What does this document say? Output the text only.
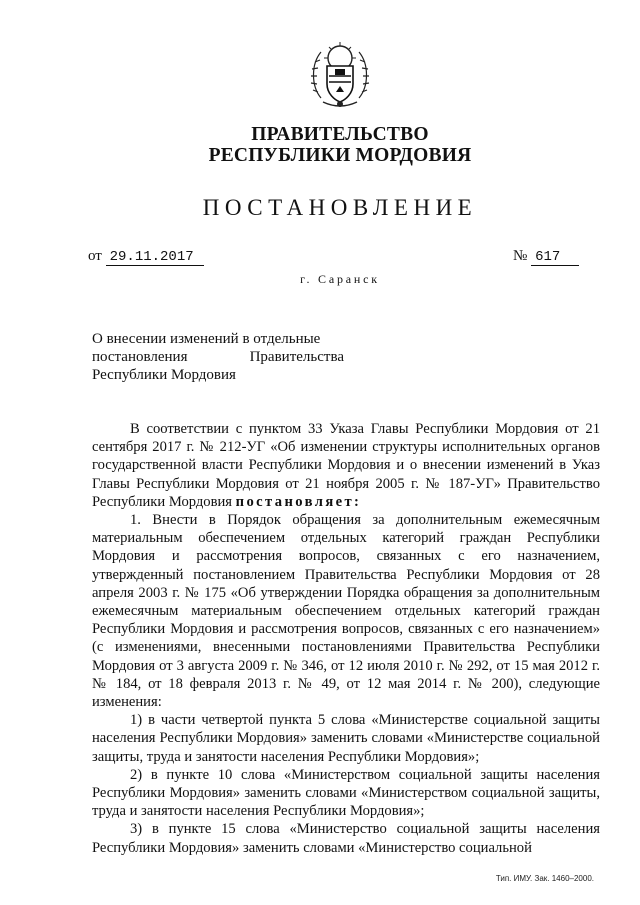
ПРАВИТЕЛЬСТВО
РЕСПУБЛИКИ МОРДОВИЯ
ПОСТАНОВЛЕНИЕ
от 29.11.2017	№ 617
г. Саранск
О внесении изменений в отдельные
постановления	Правительства
Республики Мордовия

В соответствии с пунктом 33 Указа Главы Республики Мордовия от 21 сентября 2017 г. № 212-УГ «Об изменении структуры исполнительных органов государственной власти Республики Мордовия и о внесении изменений в Указ Главы Республики Мордовия от 21 ноября 2005 г. № 187-УГ» Правительство Республики Мордовия постановляет:

1. Внести в Порядок обращения за дополнительным ежемесячным материальным обеспечением отдельных категорий граждан Республики Мордовия и рассмотрения вопросов, связанных с его назначением, утвержденный постановлением Правительства Республики Мордовия от 28 апреля 2003 г. № 175 «Об утверждении Порядка обращения за дополнительным ежемесячным материальным обеспечением отдельных категорий граждан Республики Мордовия и рассмотрения вопросов, связанных с его назначением» (с изменениями, внесенными постановлениями Правительства Республики Мордовия от 3 августа 2009 г. № 346, от 12 июля 2010 г. № 292, от 15 мая 2012 г. № 184, от 18 февраля 2013 г. № 49, от 12 мая 2014 г. № 200), следующие изменения:

1) в части четвертой пункта 5 слова «Министерстве социальной защиты населения Республики Мордовия» заменить словами «Министерстве социальной защиты, труда и занятости населения Республики Мордовия»;

2) в пункте 10 слова «Министерством социальной защиты населения Республики Мордовия» заменить словами «Министерством социальной защиты, труда и занятости населения Республики Мордовия»;

3) в пункте 15 слова «Министерство социальной защиты населения Республики Мордовия» заменить словами «Министерство социальной

Тип. ИМУ. Зак. 1460–2000.
